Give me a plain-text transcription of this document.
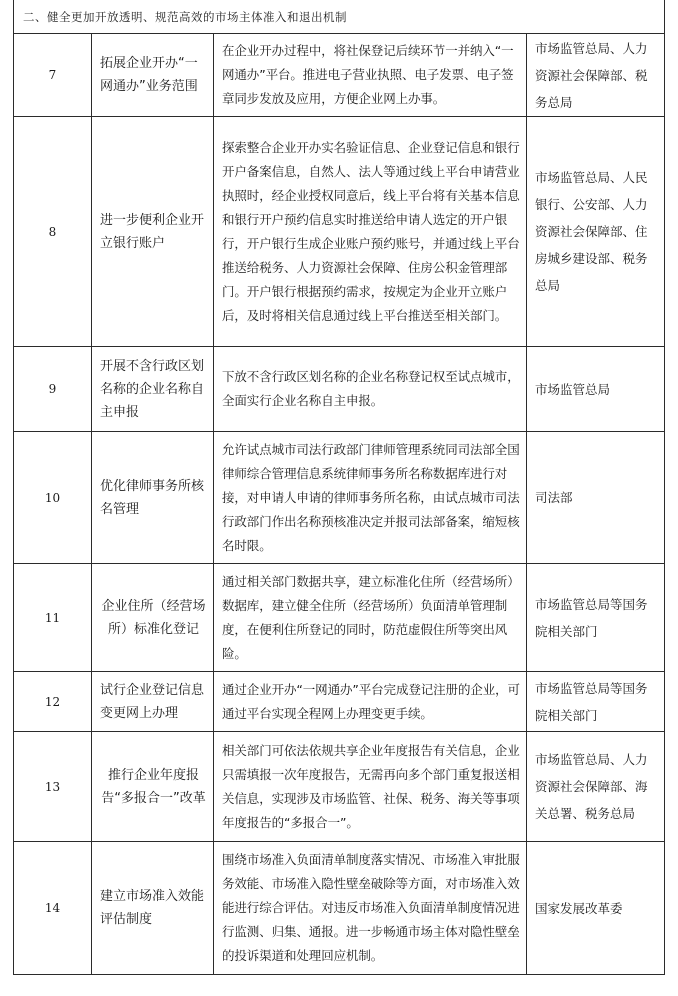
二、健全更加开放透明、规范高效的市场主体准入和退出机制			
7	拓展企业开办“一网通办”业务范围	在企业开办过程中，将社保登记后续环节一并纳入“一网通办”平台。推进电子营业执照、电子发票、电子签章同步发放及应用，方便企业网上办事。	市场监管总局、人力资源社会保障部、税务总局
8	进一步便利企业开立银行账户	探索整合企业开办实名验证信息、企业登记信息和银行开户备案信息，自然人、法人等通过线上平台申请营业执照时，经企业授权同意后，线上平台将有关基本信息和银行开户预约信息实时推送给申请人选定的开户银行，开户银行生成企业账户预约账号，并通过线上平台推送给税务、人力资源社会保障、住房公积金管理部门。开户银行根据预约需求，按规定为企业开立账户后，及时将相关信息通过线上平台推送至相关部门。	市场监管总局、人民银行、公安部、人力资源社会保障部、住房城乡建设部、税务总局
9	开展不含行政区划名称的企业名称自主申报	下放不含行政区划名称的企业名称登记权至试点城市，全面实行企业名称自主申报。	市场监管总局
10	优化律师事务所核名管理	允许试点城市司法行政部门律师管理系统同司法部全国律师综合管理信息系统律师事务所名称数据库进行对接，对申请人申请的律师事务所名称，由试点城市司法行政部门作出名称预核准决定并报司法部备案，缩短核名时限。	司法部
11	企业住所（经营场所）标准化登记	通过相关部门数据共享，建立标准化住所（经营场所）数据库，建立健全住所（经营场所）负面清单管理制度，在便利住所登记的同时，防范虚假住所等突出风险。	市场监管总局等国务院相关部门
12	试行企业登记信息变更网上办理	通过企业开办“一网通办”平台完成登记注册的企业，可通过平台实现全程网上办理变更手续。	市场监管总局等国务院相关部门
13	推行企业年度报告“多报合一”改革	相关部门可依法依规共享企业年度报告有关信息，企业只需填报一次年度报告，无需再向多个部门重复报送相关信息，实现涉及市场监管、社保、税务、海关等事项年度报告的“多报合一”。	市场监管总局、人力资源社会保障部、海关总署、税务总局
14	建立市场准入效能评估制度	围绕市场准入负面清单制度落实情况、市场准入审批服务效能、市场准入隐性壁垒破除等方面，对市场准入效能进行综合评估。对违反市场准入负面清单制度情况进行监测、归集、通报。进一步畅通市场主体对隐性壁垒的投诉渠道和处理回应机制。	国家发展改革委
